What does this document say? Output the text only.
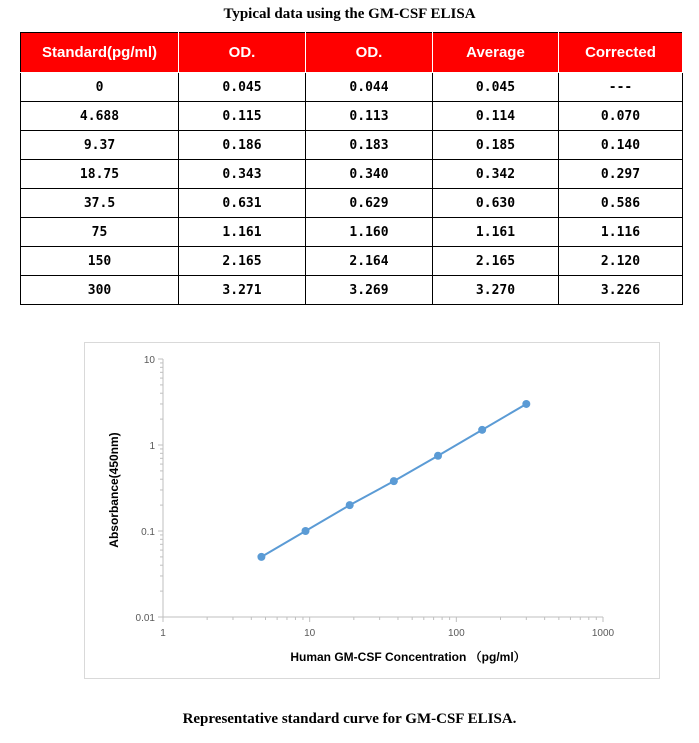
Typical data using the GM-CSF ELISA
Standard(pg/ml)	OD.	OD.	Average	Corrected
0	0.045	0.044	0.045	---
4.688	0.115	0.113	0.114	0.070
9.37	0.186	0.183	0.185	0.140
18.75	0.343	0.340	0.342	0.297
37.5	0.631	0.629	0.630	0.586
75	1.161	1.160	1.161	1.116
150	2.165	2.164	2.165	2.120
300	3.271	3.269	3.270	3.226
0.01
0.1
1
10
1	10	100	1000
Human GM-CSF Concentration （pg/ml）
Absorbance(450nm)
Representative standard curve for GM-CSF ELISA.
